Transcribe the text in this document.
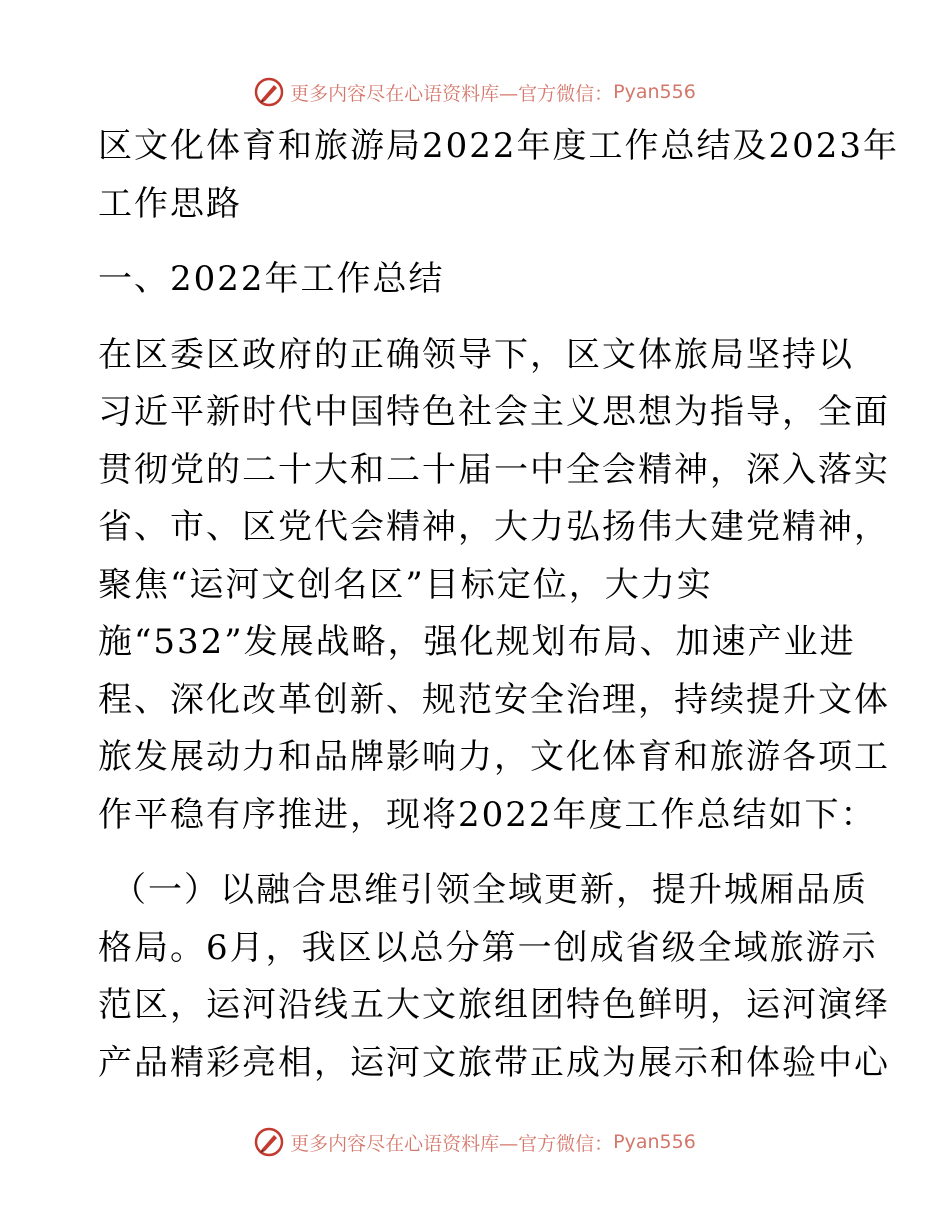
更多内容尽在心语资料库—官方微信： Pyan556
区文化体育和旅游局2022年度工作总结及2023年
工作思路
一、2022年工作总结
在区委区政府的正确领导下，区文体旅局坚持以
习近平新时代中国特色社会主义思想为指导，全面
贯彻党的二十大和二十届一中全会精神，深入落实
省、市、区党代会精神，大力弘扬伟大建党精神，
聚焦“运河文创名区”目标定位，大力实
施“532”发展战略，强化规划布局、加速产业进
程、深化改革创新、规范安全治理，持续提升文体
旅发展动力和品牌影响力，文化体育和旅游各项工
作平稳有序推进，现将2022年度工作总结如下：
（一）以融合思维引领全域更新，提升城厢品质
格局。6月，我区以总分第一创成省级全域旅游示
范区，运河沿线五大文旅组团特色鲜明，运河演绎
产品精彩亮相，运河文旅带正成为展示和体验中心
更多内容尽在心语资料库—官方微信： Pyan556
